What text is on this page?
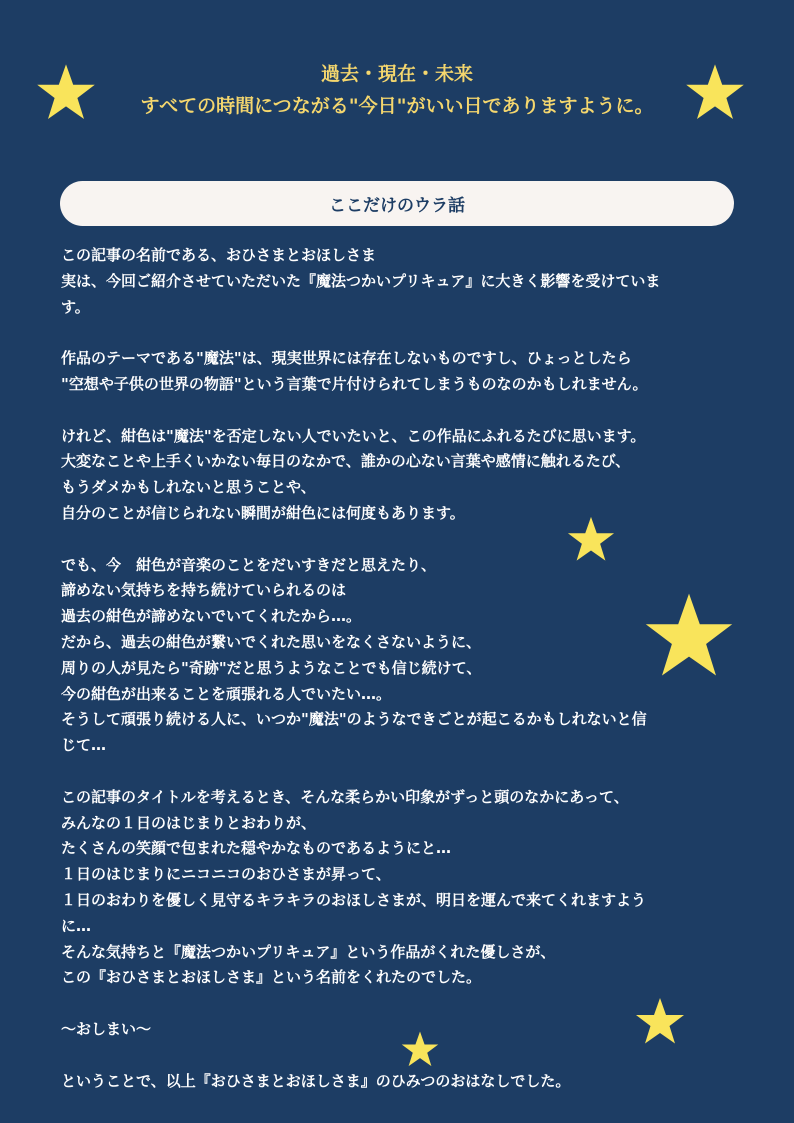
過去・現在・未来
すべての時間につながる"今日"がいい日でありますように。
ここだけのウラ話
この記事の名前である、おひさまとおほしさま
実は、今回ご紹介させていただいた『魔法つかいプリキュア』に大きく影響を受けていま
す。
作品のテーマである"魔法"は、現実世界には存在しないものですし、ひょっとしたら
"空想や子供の世界の物語"という言葉で片付けられてしまうものなのかもしれません。
けれど、紺色は"魔法"を否定しない人でいたいと、この作品にふれるたびに思います。
大変なことや上手くいかない毎日のなかで、誰かの心ない言葉や感情に触れるたび、
もうダメかもしれないと思うことや、
自分のことが信じられない瞬間が紺色には何度もあります。
でも、今　紺色が音楽のことをだいすきだと思えたり、
諦めない気持ちを持ち続けていられるのは
過去の紺色が諦めないでいてくれたから…。
だから、過去の紺色が繋いでくれた思いをなくさないように、
周りの人が見たら"奇跡"だと思うようなことでも信じ続けて、
今の紺色が出来ることを頑張れる人でいたい…。
そうして頑張り続ける人に、いつか"魔法"のようなできごとが起こるかもしれないと信
じて…
この記事のタイトルを考えるとき、そんな柔らかい印象がずっと頭のなかにあって、
みんなの１日のはじまりとおわりが、
たくさんの笑顔で包まれた穏やかなものであるようにと…
１日のはじまりにニコニコのおひさまが昇って、
１日のおわりを優しく見守るキラキラのおほしさまが、明日を運んで来てくれますよう
に…
そんな気持ちと『魔法つかいプリキュア』という作品がくれた優しさが、
この『おひさまとおほしさま』という名前をくれたのでした。
〜おしまい〜
ということで、以上『おひさまとおほしさま』のひみつのおはなしでした。
